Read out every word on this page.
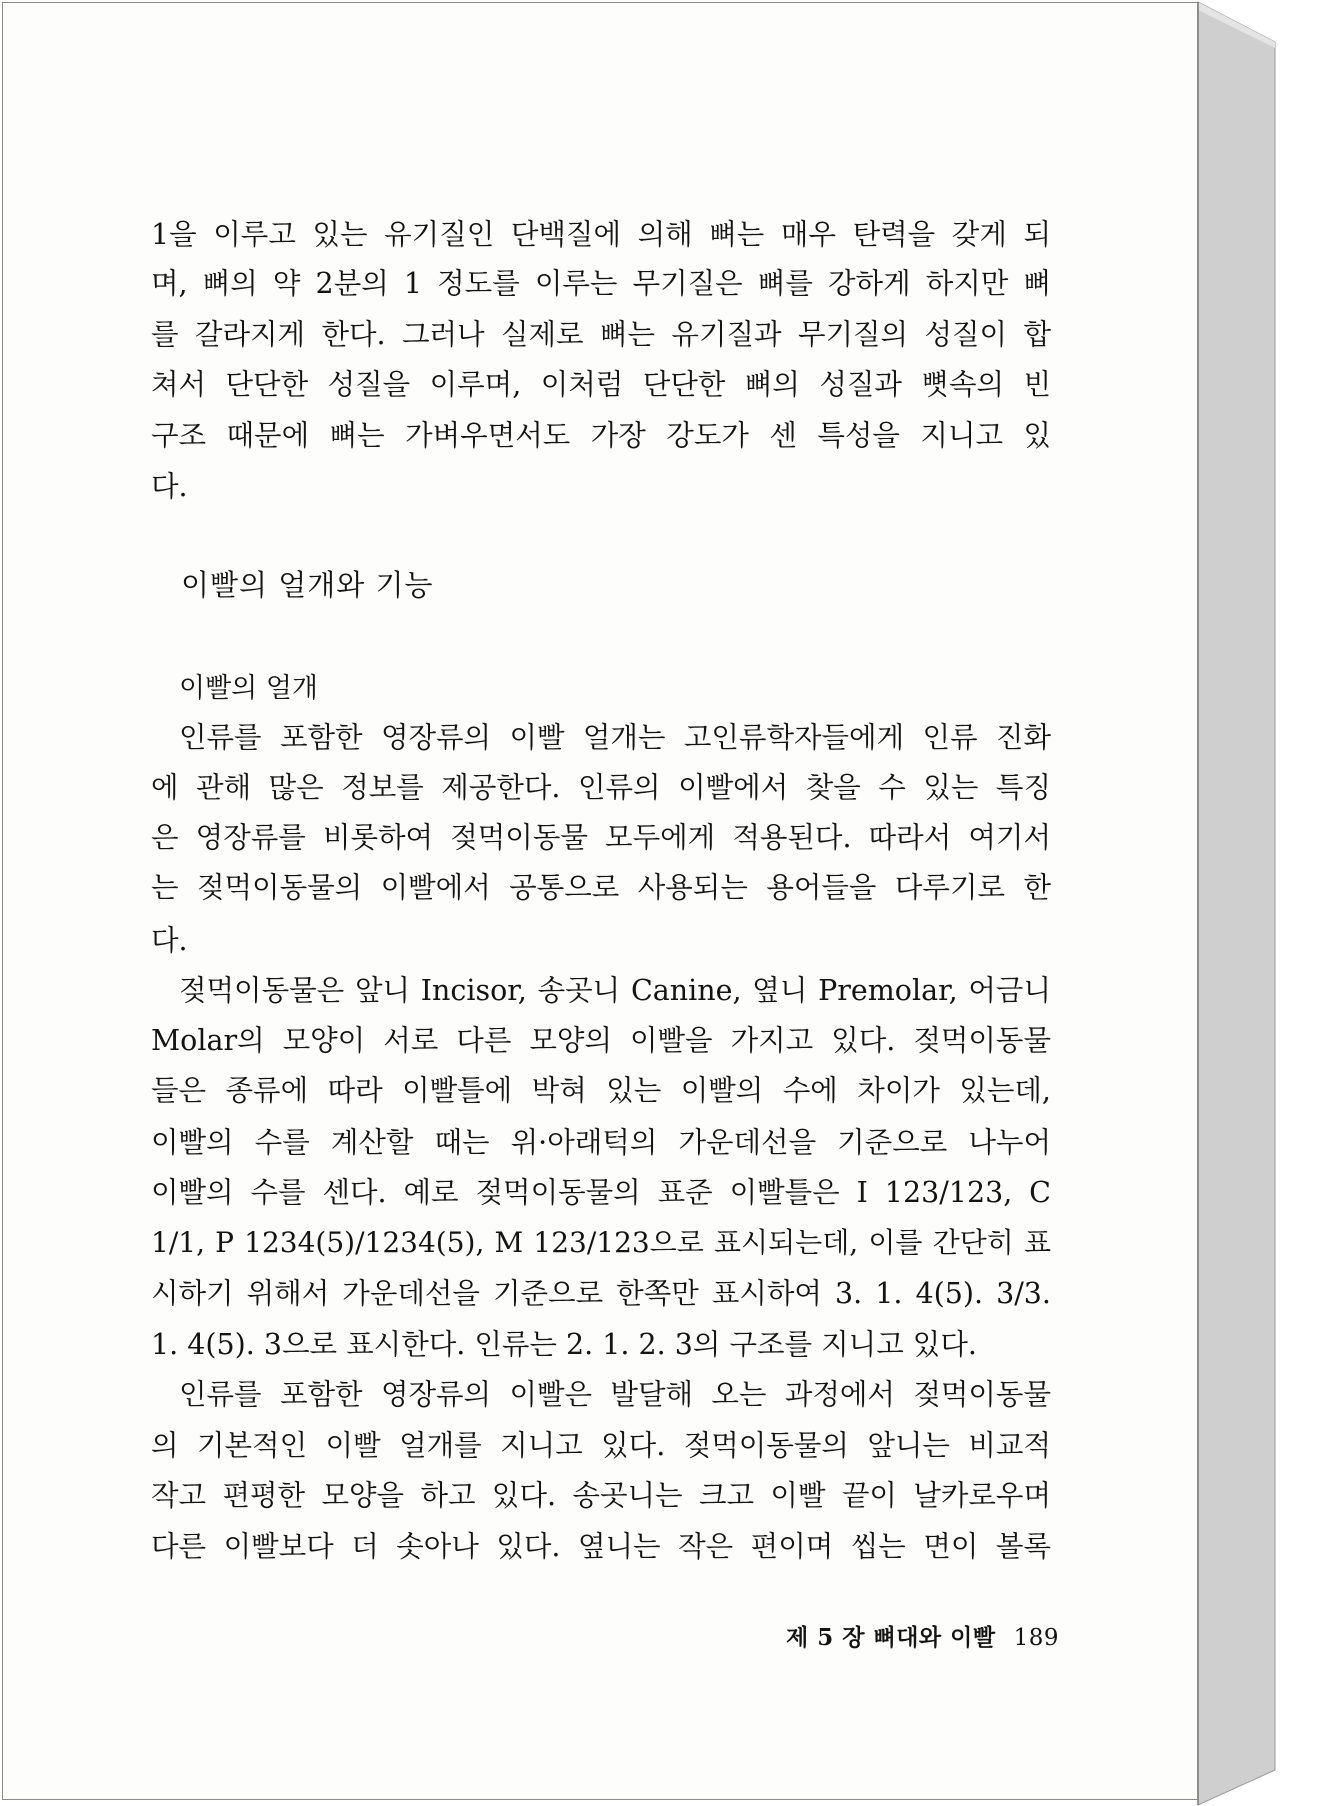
1을 이루고 있는 유기질인 단백질에 의해 뼈는 매우 탄력을 갖게 되
며, 뼈의 약 2분의 1 정도를 이루는 무기질은 뼈를 강하게 하지만 뼈
를 갈라지게 한다. 그러나 실제로 뼈는 유기질과 무기질의 성질이 합
쳐서 단단한 성질을 이루며, 이처럼 단단한 뼈의 성질과 뼛속의 빈
구조 때문에 뼈는 가벼우면서도 가장 강도가 센 특성을 지니고 있
다.
이빨의 얼개와 기능
이빨의 얼개
인류를 포함한 영장류의 이빨 얼개는 고인류학자들에게 인류 진화
에 관해 많은 정보를 제공한다. 인류의 이빨에서 찾을 수 있는 특징
은 영장류를 비롯하여 젖먹이동물 모두에게 적용된다. 따라서 여기서
는 젖먹이동물의 이빨에서 공통으로 사용되는 용어들을 다루기로 한
다.
젖먹이동물은 앞니 Incisor, 송곳니 Canine, 옆니 Premolar, 어금니
Molar의 모양이 서로 다른 모양의 이빨을 가지고 있다. 젖먹이동물
들은 종류에 따라 이빨틀에 박혀 있는 이빨의 수에 차이가 있는데,
이빨의 수를 계산할 때는 위·아래턱의 가운데선을 기준으로 나누어
이빨의 수를 센다. 예로 젖먹이동물의 표준 이빨틀은 I 123/123, C
1/1, P 1234(5)/1234(5), M 123/123으로 표시되는데, 이를 간단히 표
시하기 위해서 가운데선을 기준으로 한쪽만 표시하여 3. 1. 4(5). 3/3.
1. 4(5). 3으로 표시한다. 인류는 2. 1. 2. 3의 구조를 지니고 있다.
인류를 포함한 영장류의 이빨은 발달해 오는 과정에서 젖먹이동물
의 기본적인 이빨 얼개를 지니고 있다. 젖먹이동물의 앞니는 비교적
작고 편평한 모양을 하고 있다. 송곳니는 크고 이빨 끝이 날카로우며
다른 이빨보다 더 솟아나 있다. 옆니는 작은 편이며 씹는 면이 볼록
제 5 장 뼈대와 이빨 189
